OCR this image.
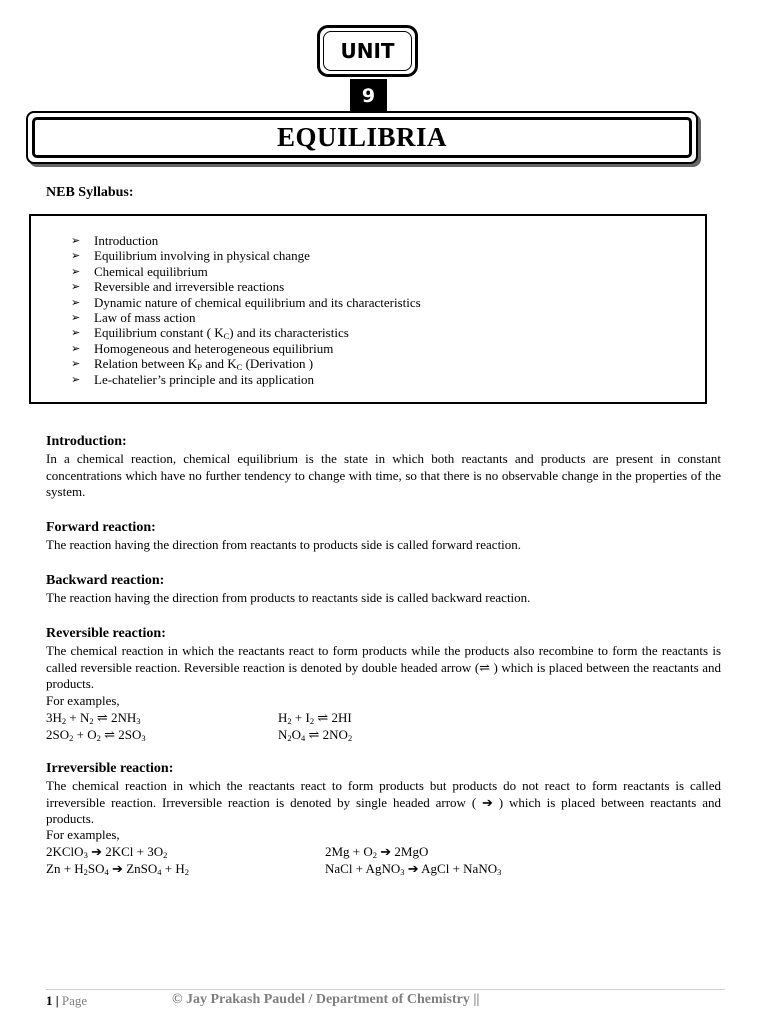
UNIT
9
EQUILIBRIA
NEB Syllabus:
➢	Introduction
➢	Equilibrium involving in physical change
➢	Chemical equilibrium
➢	Reversible and irreversible reactions
➢	Dynamic nature of chemical equilibrium and its characteristics
➢	Law of mass action
➢	Equilibrium constant ( $K_C$) and its characteristics
➢	Homogeneous and heterogeneous equilibrium
➢	Relation between $K_P$ and $K_C$ (Derivation )
➢	Le-chatelier’s principle and its application
Introduction:
In a chemical reaction, chemical equilibrium is the state in which both reactants and products are present in constant concentrations which have no further tendency to change with time, so that there is no observable change in the properties of the system.
Forward reaction:
The reaction having the direction from reactants to products side is called forward reaction.
Backward reaction:
The reaction having the direction from products to reactants side is called backward reaction.
Reversible reaction:
The chemical reaction in which the reactants react to form products while the products also recombine to form the reactants is called reversible reaction. Reversible reaction is denoted by double headed arrow (⇌ ) which is placed between the reactants and products.
For examples,
$3H_2 + N_2$ ⇌ $2NH_3$	$H_2 + I_2$ ⇌ 2HI
$2SO_2 + O_2$ ⇌ $2SO_3$	$N_2O_4$ ⇌ $2NO_2$
Irreversible reaction:
The chemical reaction in which the reactants react to form products but products do not react to form reactants is called irreversible reaction. Irreversible reaction is denoted by single headed arrow ( ➔ ) which is placed between reactants and products.
For examples,
2KClO$_3$ ➔ $2KCl + 3O_2$	$2Mg + O_2$ ➔ 2MgO
$Zn + H_2SO_4$ ➔ ZnSO$_4$ + $H_2$	NaCl + AgNO$_3$ ➔ AgCl + NaNO$_3$
1 | Page	© Jay Prakash Paudel / Department of Chemistry ||
